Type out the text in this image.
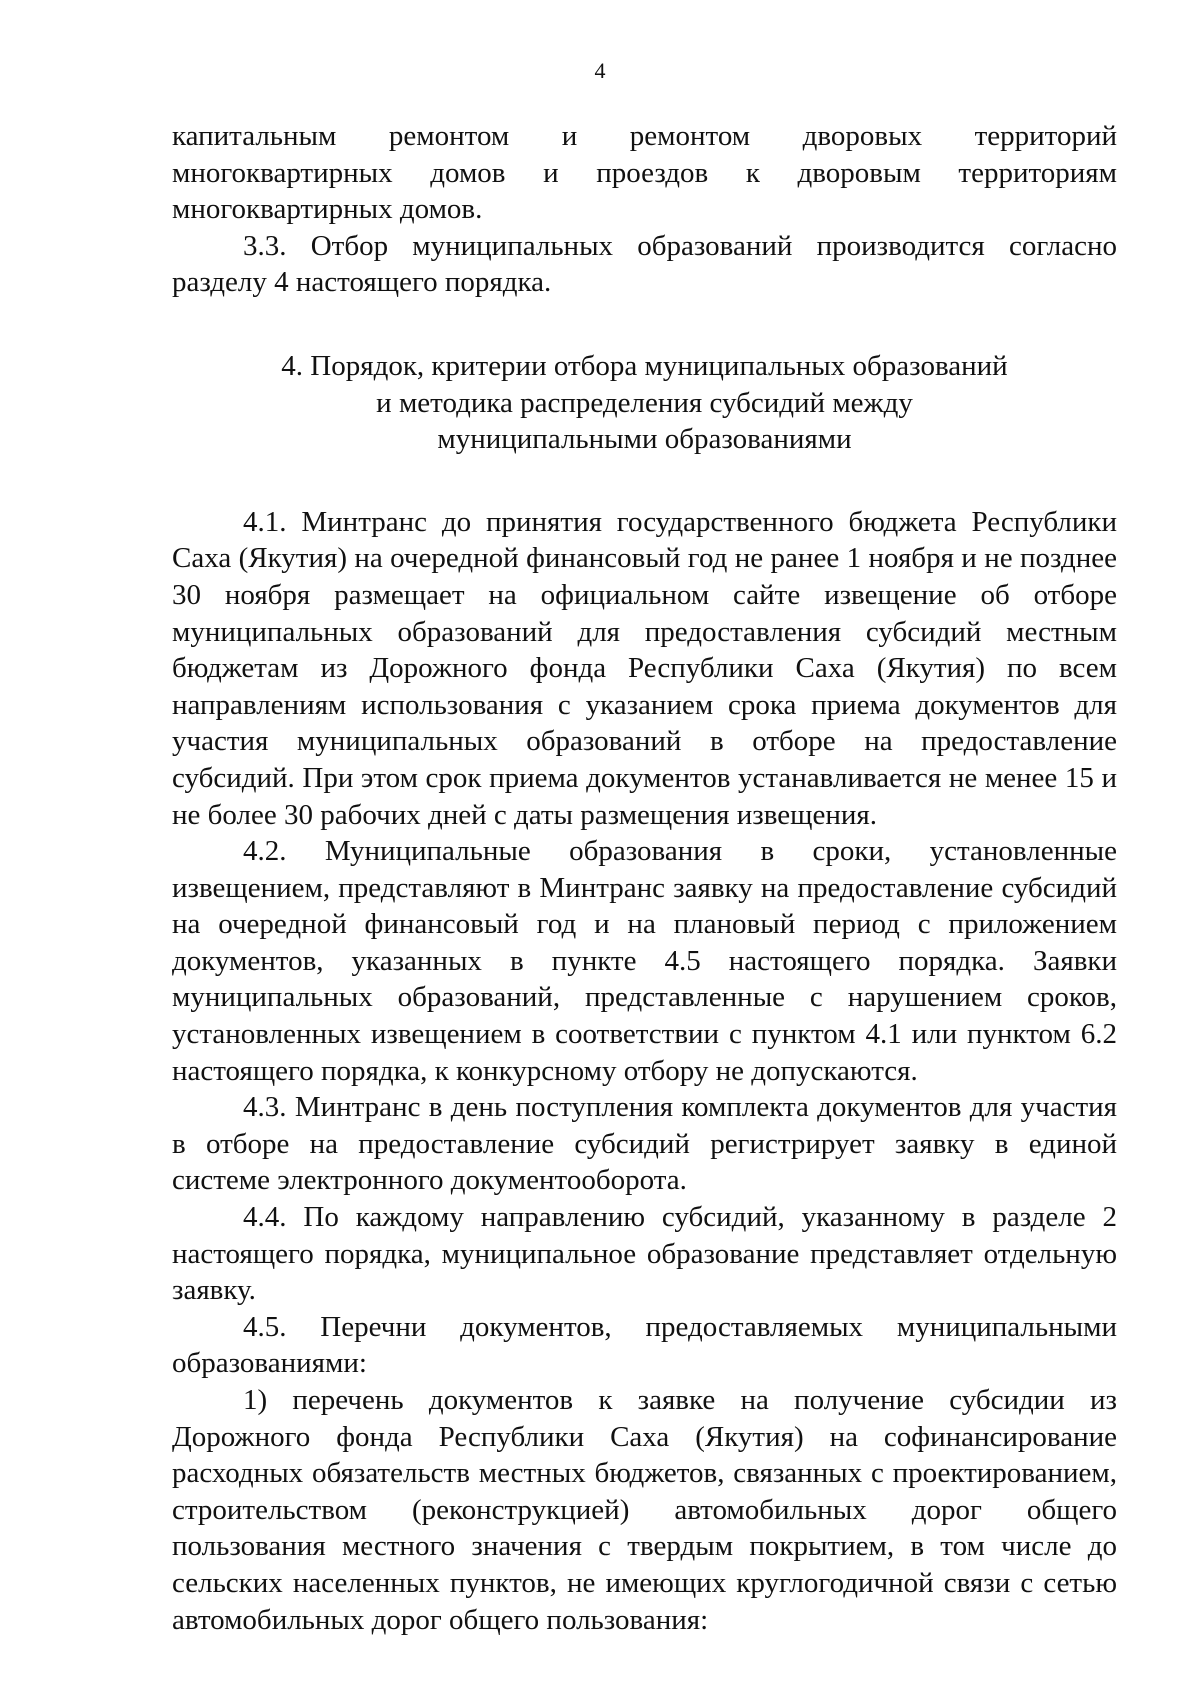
4

капитальным ремонтом и ремонтом дворовых территорий многоквартирных домов и проездов к дворовым территориям многоквартирных домов.

3.3. Отбор муниципальных образований производится согласно разделу 4 настоящего порядка.

4. Порядок, критерии отбора муниципальных образований
и методика распределения субсидий между
муниципальными образованиями

4.1. Минтранс до принятия государственного бюджета Республики Саха (Якутия) на очередной финансовый год не ранее 1 ноября и не позднее 30 ноября размещает на официальном сайте извещение об отборе муниципальных образований для предоставления субсидий местным бюджетам из Дорожного фонда Республики Саха (Якутия) по всем направлениям использования с указанием срока приема документов для участия муниципальных образований в отборе на предоставление субсидий. При этом срок приема документов устанавливается не менее 15 и не более 30 рабочих дней с даты размещения извещения.

4.2. Муниципальные образования в сроки, установленные извещением, представляют в Минтранс заявку на предоставление субсидий на очередной финансовый год и на плановый период с приложением документов, указанных в пункте 4.5 настоящего порядка. Заявки муниципальных образований, представленные с нарушением сроков, установленных извещением в соответствии с пунктом 4.1 или пунктом 6.2 настоящего порядка, к конкурсному отбору не допускаются.

4.3. Минтранс в день поступления комплекта документов для участия в отборе на предоставление субсидий регистрирует заявку в единой системе электронного документооборота.

4.4. По каждому направлению субсидий, указанному в разделе 2 настоящего порядка, муниципальное образование представляет отдельную заявку.

4.5. Перечни документов, предоставляемых муниципальными образованиями:

1) перечень документов к заявке на получение субсидии из Дорожного фонда Республики Саха (Якутия) на софинансирование расходных обязательств местных бюджетов, связанных с проектированием, строительством (реконструкцией) автомобильных дорог общего пользования местного значения с твердым покрытием, в том числе до сельских населенных пунктов, не имеющих круглогодичной связи с сетью автомобильных дорог общего пользования:
